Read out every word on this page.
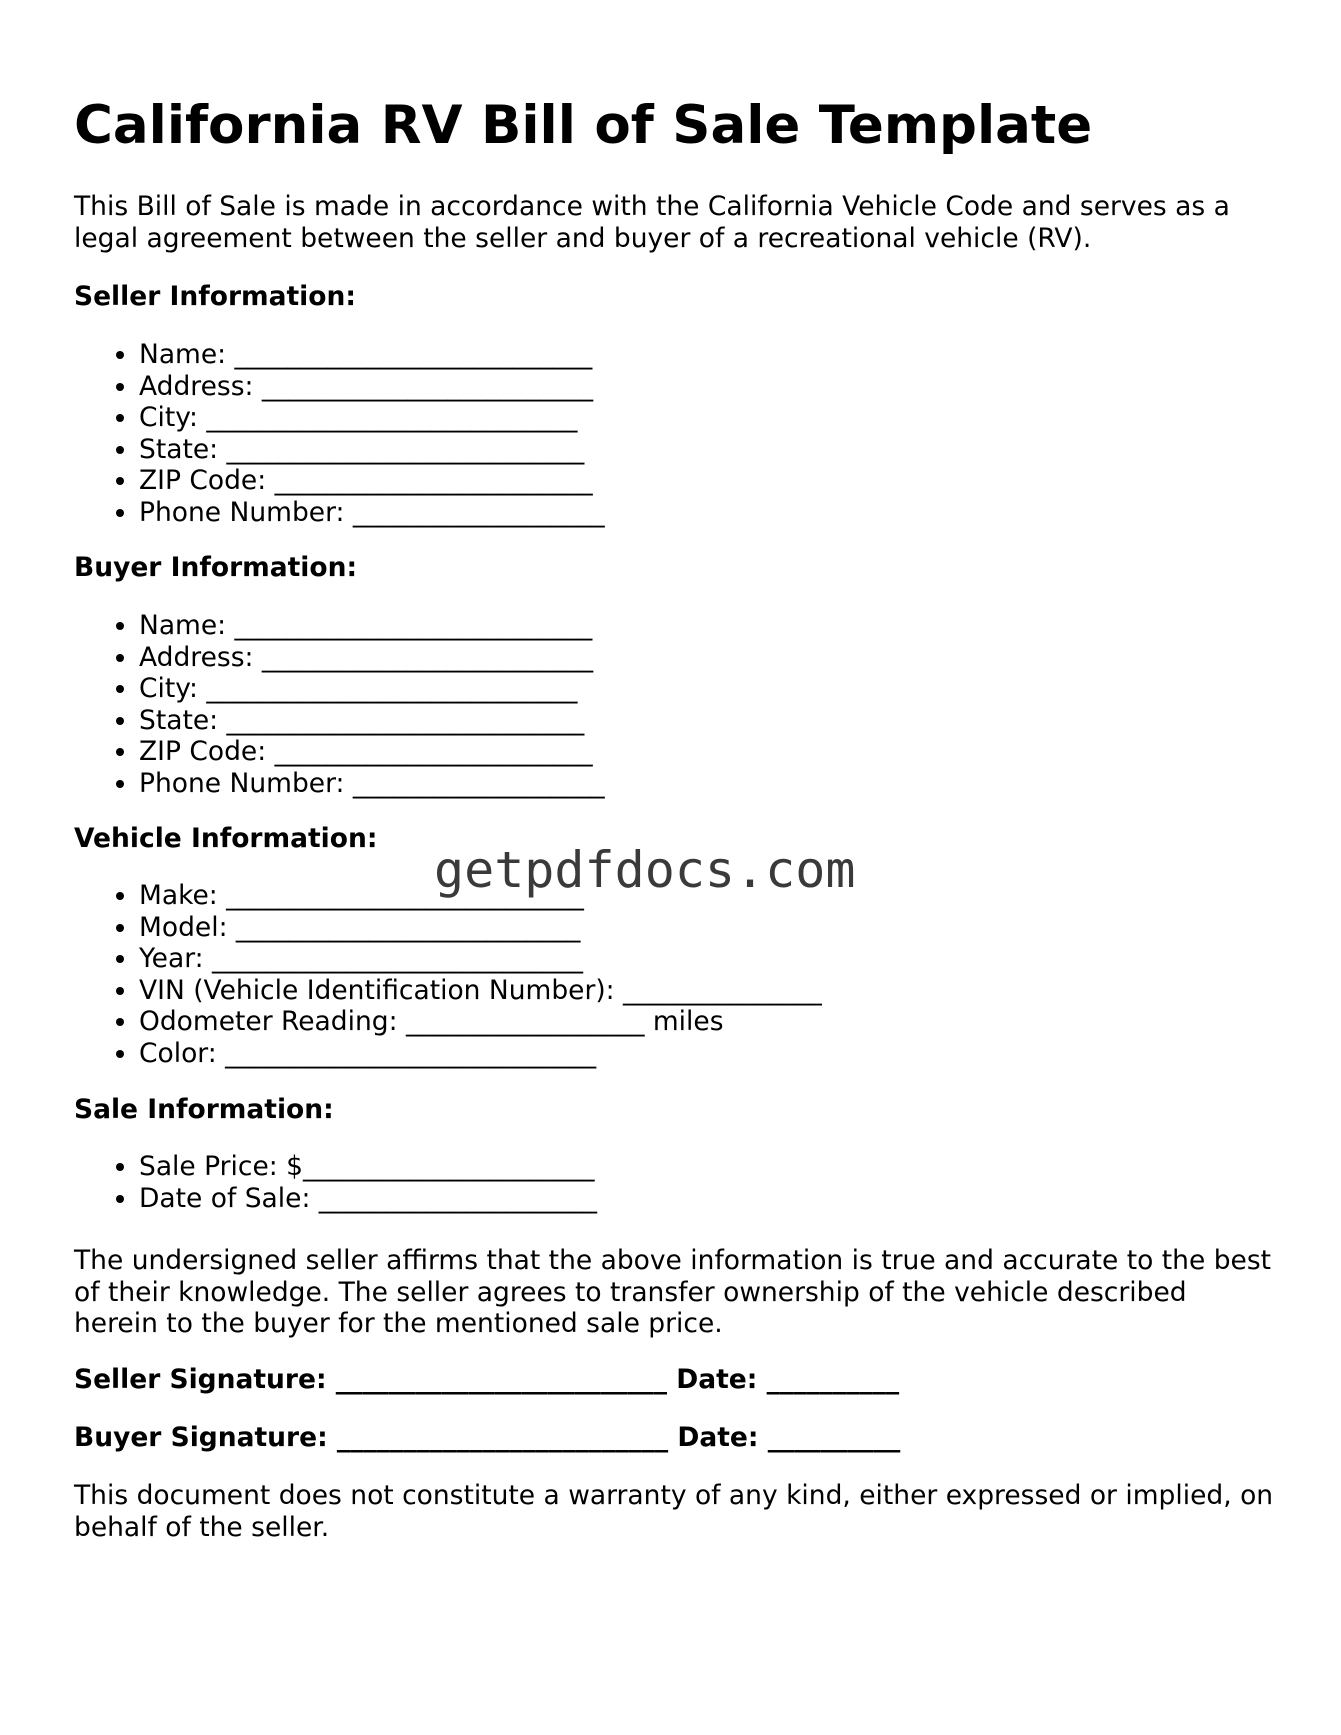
California RV Bill of Sale Template

This Bill of Sale is made in accordance with the California Vehicle Code and serves as a legal agreement between the seller and buyer of a recreational vehicle (RV).

Seller Information:

• Name: ___________________________
• Address: _________________________
• City: ____________________________
• State: ___________________________
• ZIP Code: ________________________
• Phone Number: ___________________

Buyer Information:

• Name: ___________________________
• Address: _________________________
• City: ____________________________
• State: ___________________________
• ZIP Code: ________________________
• Phone Number: ___________________

Vehicle Information:

• Make: ___________________________
• Model: __________________________
• Year: ____________________________
• VIN (Vehicle Identification Number): _______________
• Odometer Reading: __________________ miles
• Color: ____________________________

Sale Information:

• Sale Price: $______________________
• Date of Sale: _____________________

The undersigned seller affirms that the above information is true and accurate to the best of their knowledge. The seller agrees to transfer ownership of the vehicle described herein to the buyer for the mentioned sale price.

Seller Signature: _________________________ Date: __________

Buyer Signature: _________________________ Date: __________

This document does not constitute a warranty of any kind, either expressed or implied, on behalf of the seller.

getpdfdocs.com
